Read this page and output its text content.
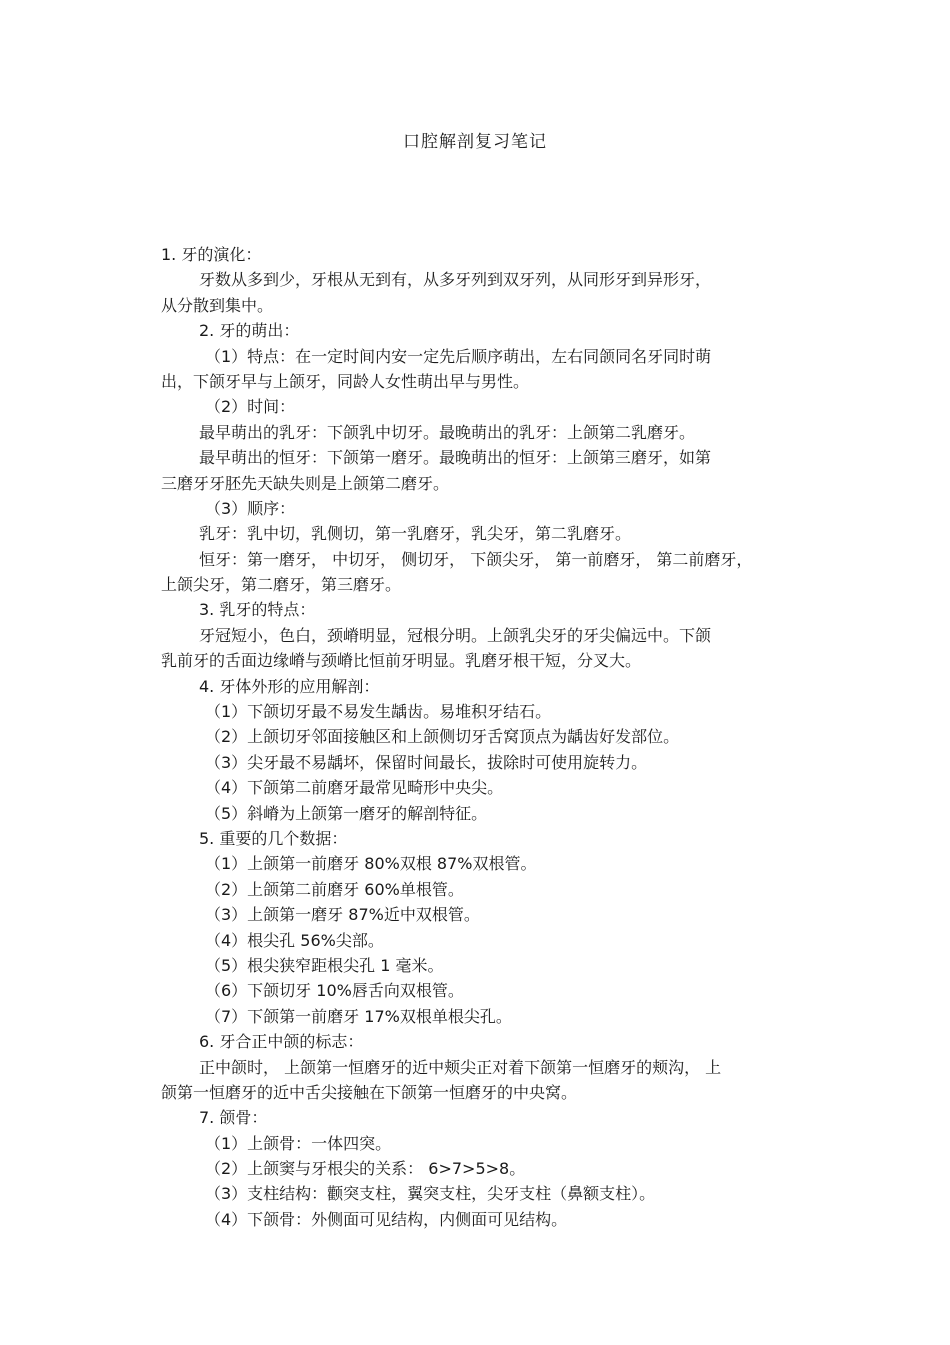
口腔解剖复习笔记
1. 牙的演化：
牙数从多到少，牙根从无到有，从多牙列到双牙列，从同形牙到异形牙，
从分散到集中。
2. 牙的萌出：
（1）特点：在一定时间内安一定先后顺序萌出，左右同颌同名牙同时萌
出，下颌牙早与上颌牙，同龄人女性萌出早与男性。
（2）时间：
最早萌出的乳牙：下颌乳中切牙。最晚萌出的乳牙：上颌第二乳磨牙。
最早萌出的恒牙：下颌第一磨牙。最晚萌出的恒牙：上颌第三磨牙，如第
三磨牙牙胚先天缺失则是上颌第二磨牙。
（3）顺序：
乳牙：乳中切，乳侧切，第一乳磨牙，乳尖牙，第二乳磨牙。
恒牙：第一磨牙， 中切牙， 侧切牙， 下颌尖牙， 第一前磨牙， 第二前磨牙，
上颌尖牙，第二磨牙，第三磨牙。
3. 乳牙的特点：
牙冠短小，色白，颈嵴明显，冠根分明。上颌乳尖牙的牙尖偏远中。下颌
乳前牙的舌面边缘嵴与颈嵴比恒前牙明显。乳磨牙根干短，分叉大。
4. 牙体外形的应用解剖：
（1）下颌切牙最不易发生龋齿。易堆积牙结石。
（2）上颌切牙邻面接触区和上颌侧切牙舌窝顶点为龋齿好发部位。
（3）尖牙最不易龋坏，保留时间最长，拔除时可使用旋转力。
（4）下颌第二前磨牙最常见畸形中央尖。
（5）斜嵴为上颌第一磨牙的解剖特征。
5. 重要的几个数据：
（1）上颌第一前磨牙 80%双根 87%双根管。
（2）上颌第二前磨牙 60%单根管。
（3）上颌第一磨牙 87%近中双根管。
（4）根尖孔 56%尖部。
（5）根尖狭窄距根尖孔 1 毫米。
（6）下颌切牙 10%唇舌向双根管。
（7）下颌第一前磨牙 17%双根单根尖孔。
6. 牙合正中颌的标志：
正中颌时， 上颌第一恒磨牙的近中颊尖正对着下颌第一恒磨牙的颊沟， 上
颌第一恒磨牙的近中舌尖接触在下颌第一恒磨牙的中央窝。
7. 颌骨：
（1）上颌骨：一体四突。
（2）上颌窦与牙根尖的关系： 6>7>5>8。
（3）支柱结构：颧突支柱，翼突支柱，尖牙支柱（鼻额支柱）。
（4）下颌骨：外侧面可见结构，内侧面可见结构。
